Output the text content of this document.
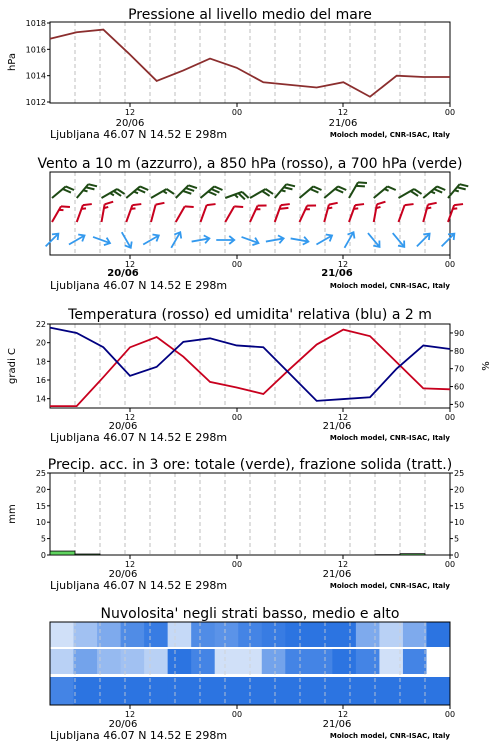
Pressione al livello medio del mare
1012
1014
1016
1018
hPa
12	00	12	00
20/06	21/06
Ljubljana 46.07 N 14.52 E 298m	Moloch model, CNR-ISAC, Italy
Vento a 10 m (azzurro), a 850 hPa (rosso), a 700 hPa (verde)
12	00	12	00
20/06	21/06
Ljubljana 46.07 N 14.52 E 298m	Moloch model, CNR-ISAC, Italy
Temperatura (rosso) ed umidita' relativa (blu) a 2 m
14
16
18
20
22
50
60
70
80
90
gradi C	%
12	00	12	00
20/06	21/06
Ljubljana 46.07 N 14.52 E 298m	Moloch model, CNR-ISAC, Italy
Precip. acc. in 3 ore: totale (verde), frazione solida (tratt.)
0	0
5	5
10	10
15	15
20	20
25	25
mm
12	00	12	00
20/06	21/06
Ljubljana 46.07 N 14.52 E 298m	Moloch model, CNR-ISAC, Italy
Nuvolosita' negli strati basso, medio e alto
12	00	12	00
20/06	21/06
Ljubljana 46.07 N 14.52 E 298m	Moloch model, CNR-ISAC, Italy
